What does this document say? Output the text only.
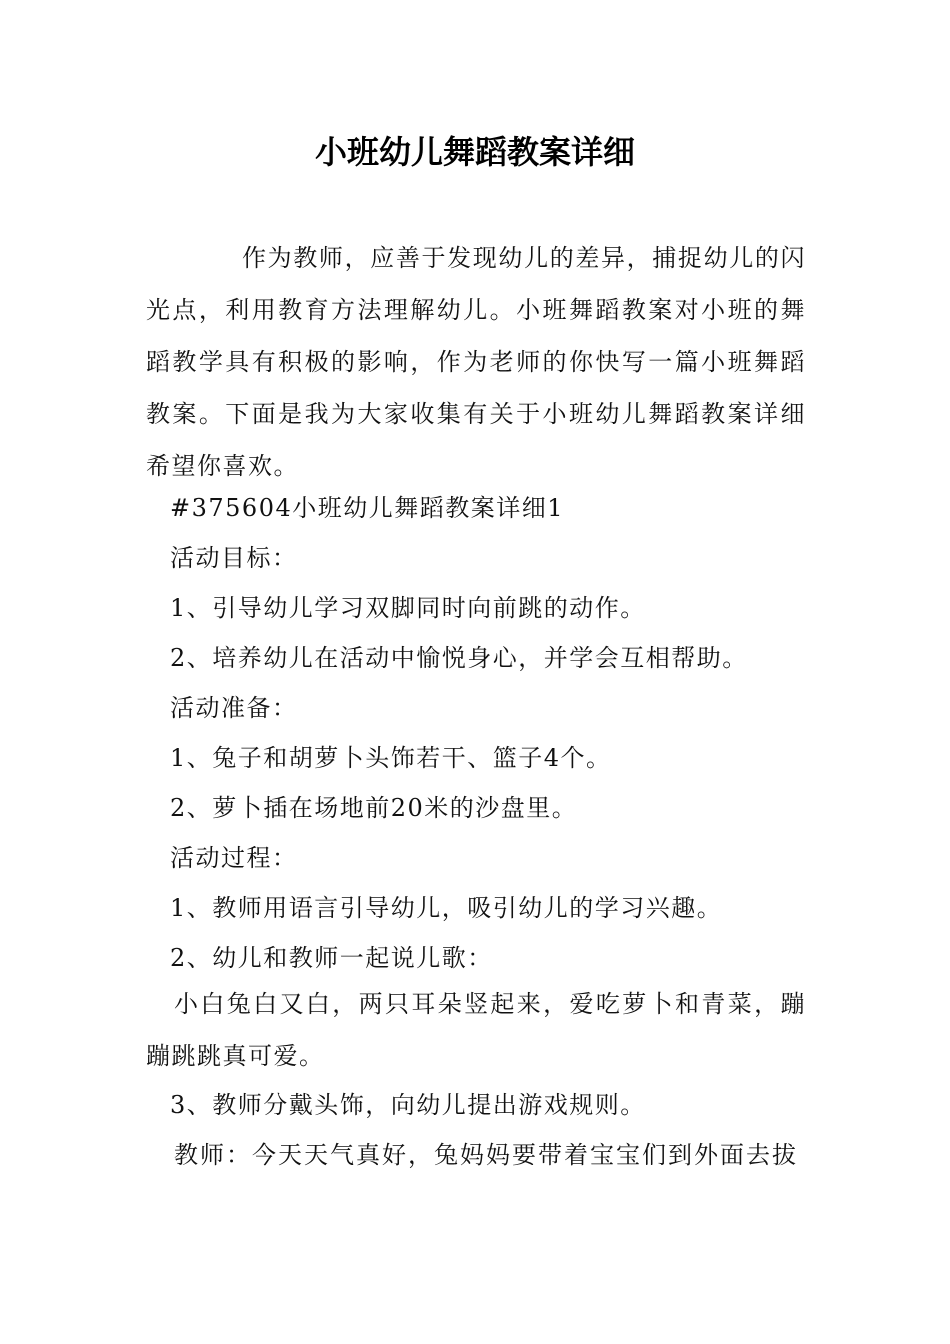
小班幼儿舞蹈教案详细

作为教师，应善于发现幼儿的差异，捕捉幼儿的闪光点，利用教育方法理解幼儿。小班舞蹈教案对小班的舞蹈教学具有积极的影响，作为老师的你快写一篇小班舞蹈教案。下面是我为大家收集有关于小班幼儿舞蹈教案详细希望你喜欢。

#375604小班幼儿舞蹈教案详细1

活动目标：

1、引导幼儿学习双脚同时向前跳的动作。

2、培养幼儿在活动中愉悦身心，并学会互相帮助。

活动准备：

1、兔子和胡萝卜头饰若干、篮子4个。

2、萝卜插在场地前20米的沙盘里。

活动过程：

1、教师用语言引导幼儿，吸引幼儿的学习兴趣。

2、幼儿和教师一起说儿歌：

小白兔白又白，两只耳朵竖起来，爱吃萝卜和青菜，蹦蹦跳跳真可爱。

3、教师分戴头饰，向幼儿提出游戏规则。

教师：今天天气真好，兔妈妈要带着宝宝们到外面去拔
